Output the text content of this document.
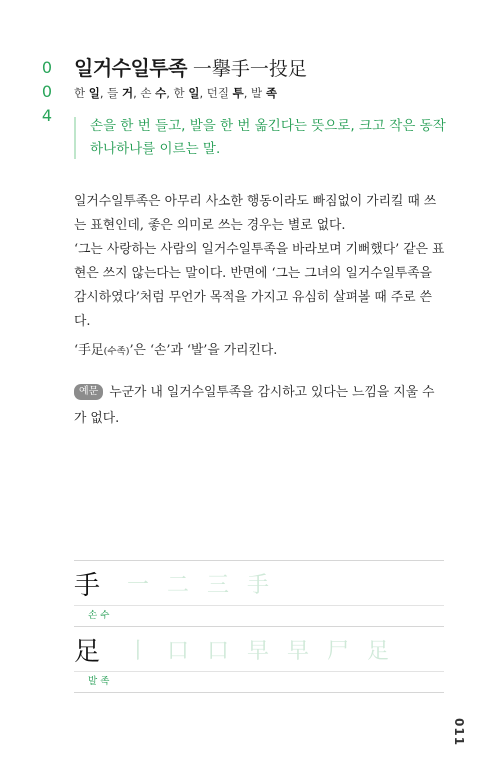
0
0
4
일거수일투족 一擧手一投足
한 일, 들 거, 손 수, 한 일, 던질 투, 발 족
손을 한 번 들고, 발을 한 번 옮긴다는 뜻으로, 크고 작은 동작 하나하나를 이르는 말.

일거수일투족은 아무리 사소한 행동이라도 빠짐없이 가리킬 때 쓰는 표현인데, 좋은 의미로 쓰는 경우는 별로 없다.

‘그는 사랑하는 사람의 일거수일투족을 바라보며 기뻐했다’ 같은 표현은 쓰지 않는다는 말이다. 반면에 ‘그는 그녀의 일거수일투족을 감시하였다’처럼 무언가 목적을 가지고 유심히 살펴볼 때 주로 쓴다.

‘手足(수족)’은 ‘손’과 ‘발’을 가리킨다.
예문 누군가 내 일거수일투족을 감시하고 있다는 느낌을 지울 수가 없다.
手	一 二 三 手
손 수
足	丨 口 口 早 早 尸 足
발 족
011
